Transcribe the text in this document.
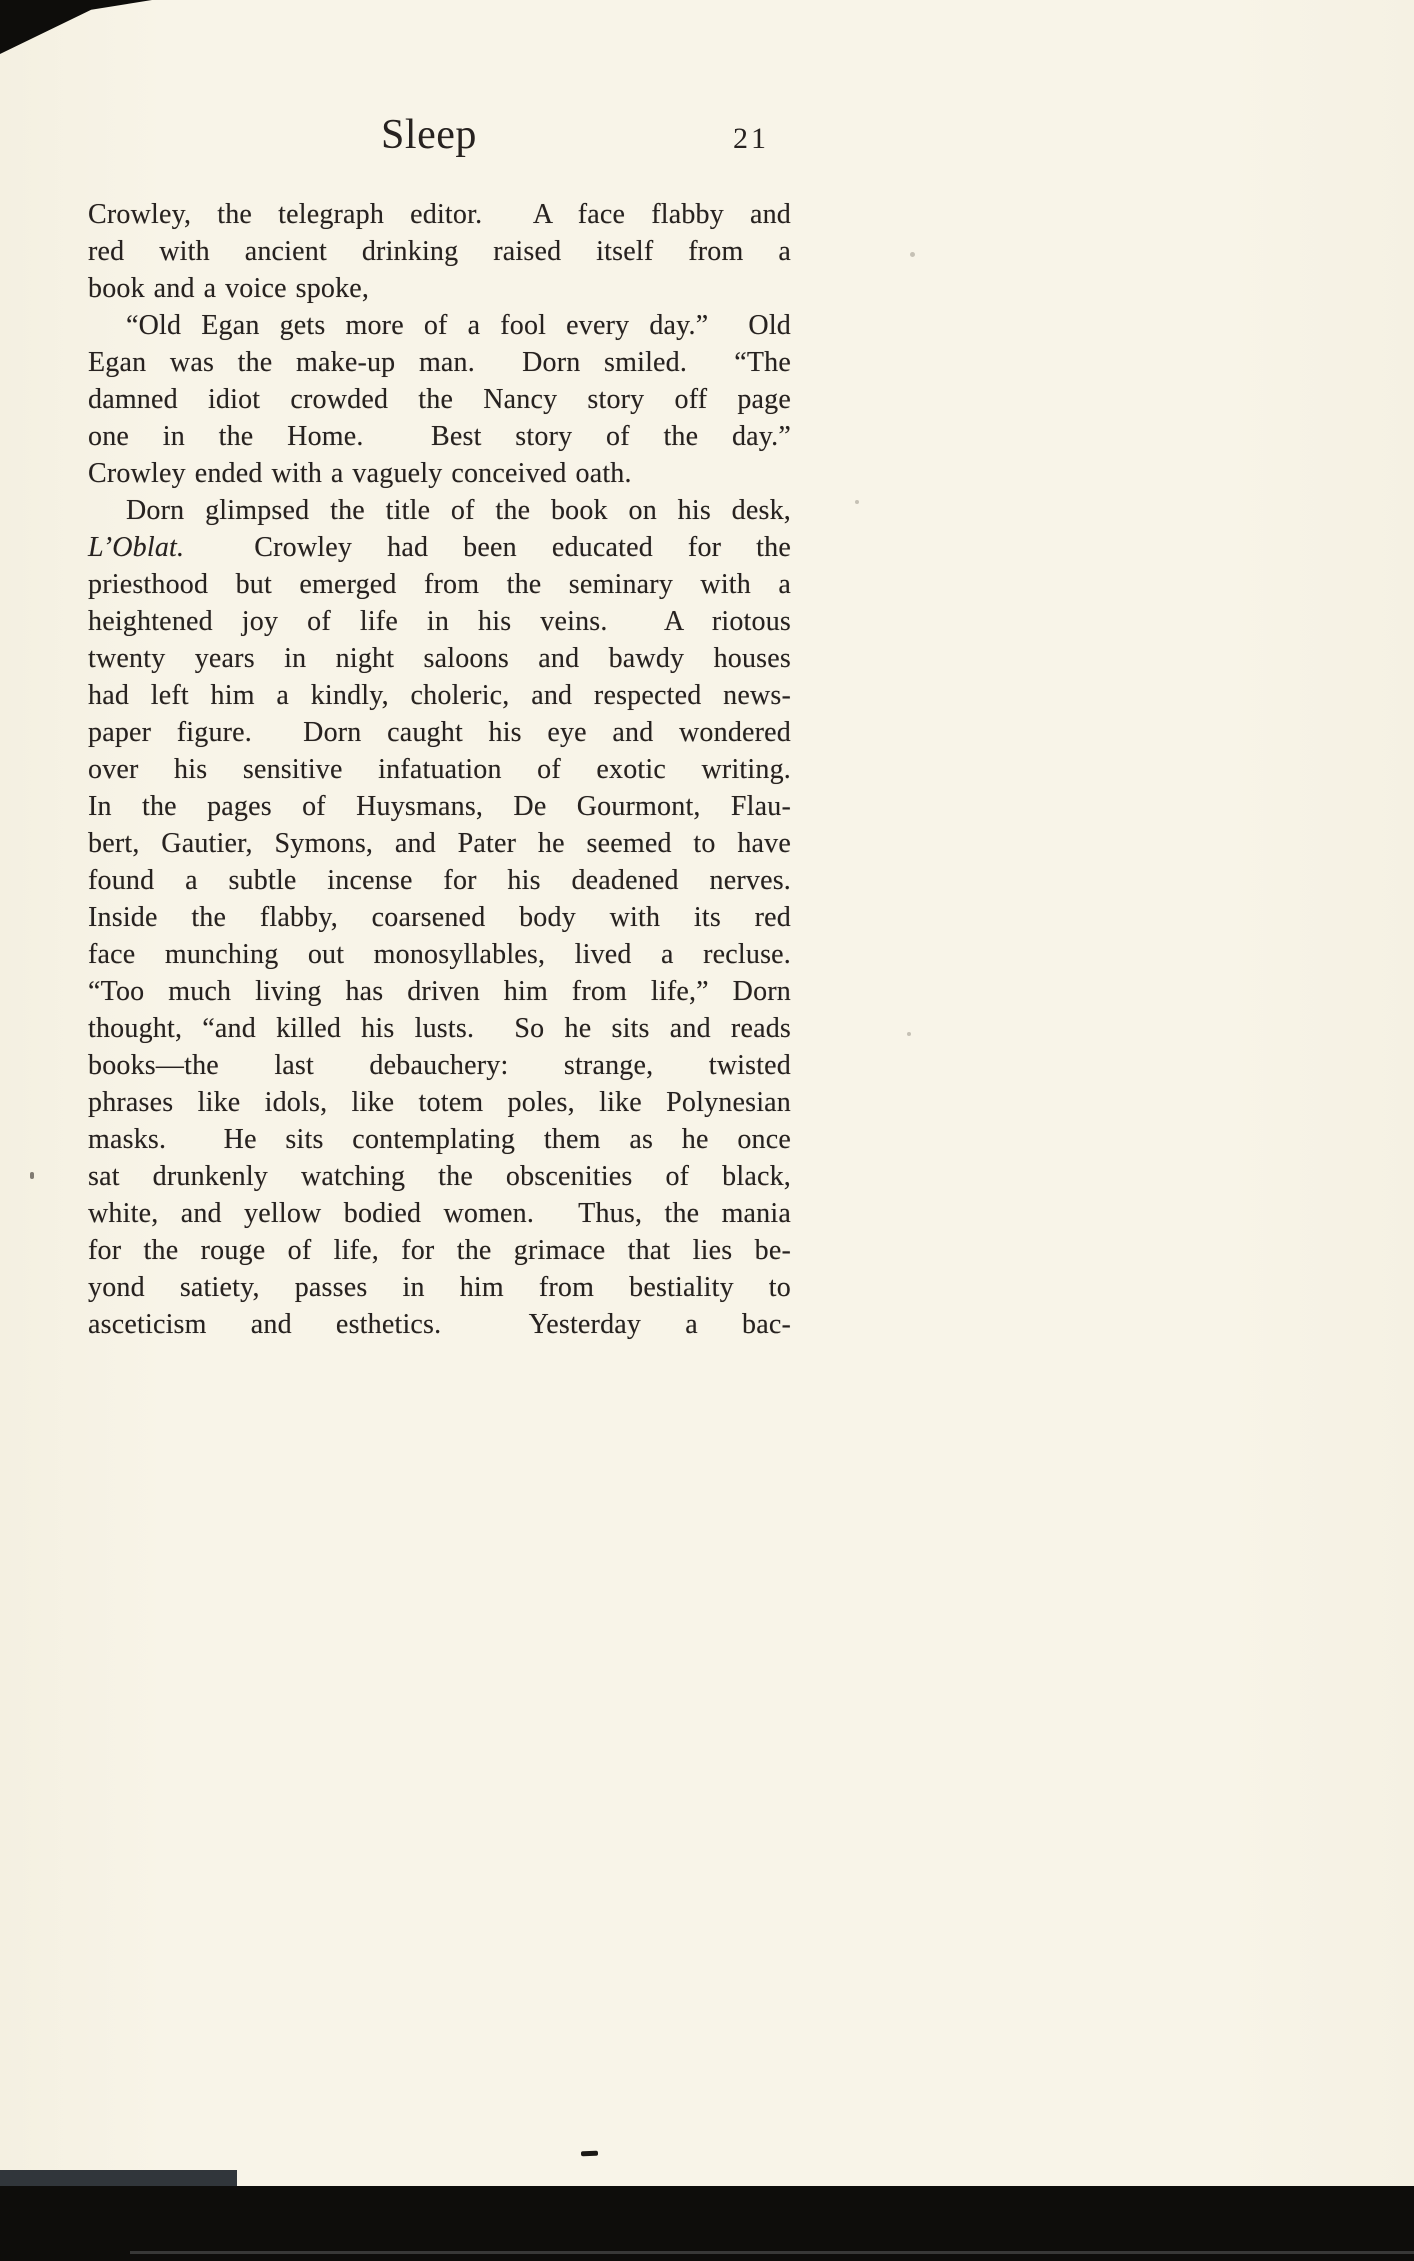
Sleep	21
Crowley, the telegraph editor.  A face flabby and
red with ancient drinking raised itself from a
book and a voice spoke,
“Old Egan gets more of a fool every day.”  Old
Egan was the make-up man.  Dorn smiled.  “The
damned idiot crowded the Nancy story off page
one in the Home.  Best story of the day.”
Crowley ended with a vaguely conceived oath.
Dorn glimpsed the title of the book on his desk,
L’Oblat.  Crowley had been educated for the
priesthood but emerged from the seminary with a
heightened joy of life in his veins.  A riotous
twenty years in night saloons and bawdy houses
had left him a kindly, choleric, and respected news-
paper figure.  Dorn caught his eye and wondered
over his sensitive infatuation of exotic writing.
In the pages of Huysmans, De Gourmont, Flau-
bert, Gautier, Symons, and Pater he seemed to have
found a subtle incense for his deadened nerves.
Inside the flabby, coarsened body with its red
face munching out monosyllables, lived a recluse.
“Too much living has driven him from life,” Dorn
thought, “and killed his lusts.  So he sits and reads
books—the last debauchery: strange, twisted
phrases like idols, like totem poles, like Polynesian
masks.  He sits contemplating them as he once
sat drunkenly watching the obscenities of black,
white, and yellow bodied women.  Thus, the mania
for the rouge of life, for the grimace that lies be-
yond satiety, passes in him from bestiality to
asceticism and esthetics.  Yesterday a bac-
